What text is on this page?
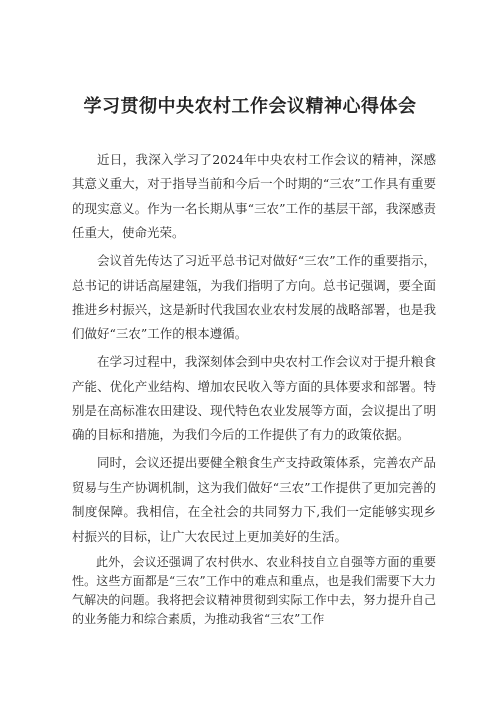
学习贯彻中央农村工作会议精神心得体会

近日，我深入学习了2024年中央农村工作会议的精神，深感其意义重大，对于指导当前和今后一个时期的“三农”工作具有重要的现实意义。作为一名长期从事“三农”工作的基层干部，我深感责任重大，使命光荣。

会议首先传达了习近平总书记对做好“三农”工作的重要指示，总书记的讲话高屋建瓴，为我们指明了方向。总书记强调，要全面推进乡村振兴，这是新时代我国农业农村发展的战略部署，也是我们做好“三农”工作的根本遵循。

在学习过程中，我深刻体会到中央农村工作会议对于提升粮食产能、优化产业结构、增加农民收入等方面的具体要求和部署。特别是在高标准农田建设、现代特色农业发展等方面，会议提出了明确的目标和措施，为我们今后的工作提供了有力的政策依据。

同时，会议还提出要健全粮食生产支持政策体系，完善农产品贸易与生产协调机制，这为我们做好“三农”工作提供了更加完善的制度保障。我相信，在全社会的共同努力下,我们一定能够实现乡村振兴的目标，让广大农民过上更加美好的生活。

此外，会议还强调了农村供水、农业科技自立自强等方面的重要性。这些方面都是“三农”工作中的难点和重点，也是我们需要下大力气解决的问题。我将把会议精神贯彻到实际工作中去，努力提升自己的业务能力和综合素质，为推动我省“三农”工作
